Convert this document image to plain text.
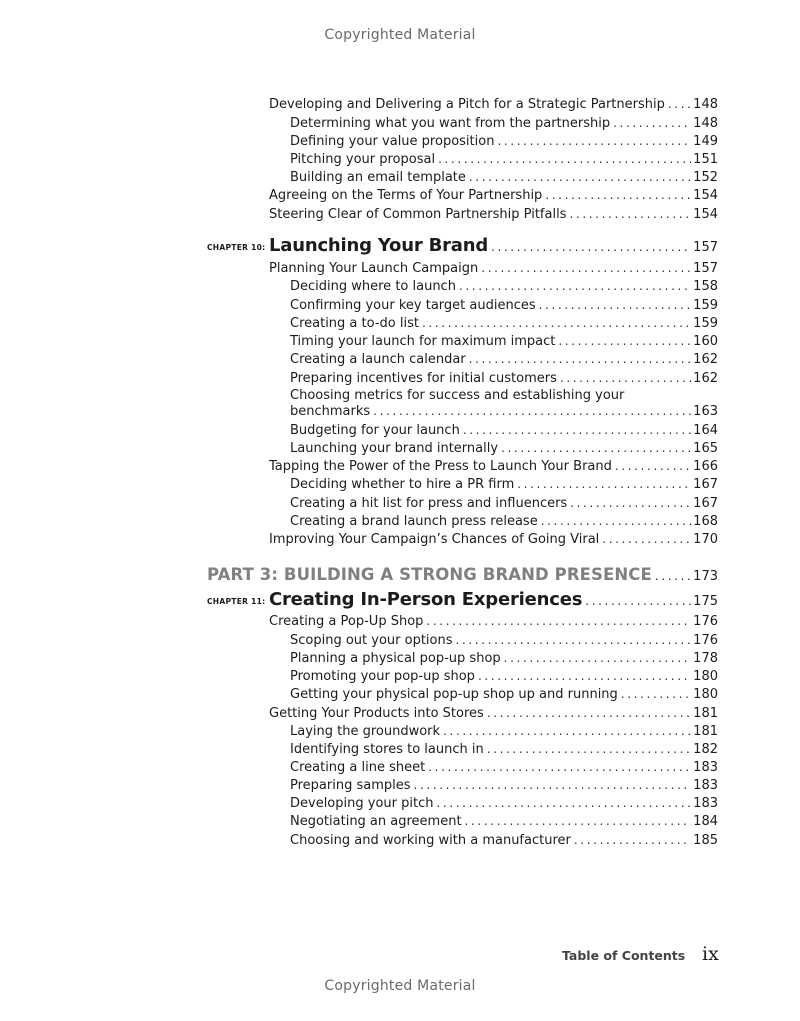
Copyrighted Material
Developing and Delivering a Pitch for a Strategic Partnership . . . 148
Determining what you want from the partnership . . .	148
Defining your value proposition . . .	149
Pitching your proposal . . .	151
Building an email template . . .	152
Agreeing on the Terms of Your Partnership . . .	154
Steering Clear of Common Partnership Pitfalls . . .	154
CHAPTER 10: Launching Your Brand . . .	157
Planning Your Launch Campaign . . .	157
Deciding where to launch . . .	158
Confirming your key target audiences . . .	159
Creating a to-do list . . .	159
Timing your launch for maximum impact . . .	160
Creating a launch calendar . . .	162
Preparing incentives for initial customers . . .	162
Choosing metrics for success and establishing your
benchmarks . . .	163
Budgeting for your launch . . .	164
Launching your brand internally . . .	165
Tapping the Power of the Press to Launch Your Brand . . .	166
Deciding whether to hire a PR firm . . .	167
Creating a hit list for press and influencers . . .	167
Creating a brand launch press release . . .	168
Improving Your Campaign’s Chances of Going Viral . . .	170
PART 3: BUILDING A STRONG BRAND PRESENCE . . .	173
CHAPTER 11: Creating In-Person Experiences . . .	175
Creating a Pop-Up Shop . . .	176
Scoping out your options . . .	176
Planning a physical pop-up shop . . .	178
Promoting your pop-up shop . . .	180
Getting your physical pop-up shop up and running . . .	180
Getting Your Products into Stores . . .	181
Laying the groundwork . . .	181
Identifying stores to launch in . . .	182
Creating a line sheet . . .	183
Preparing samples . . .	183
Developing your pitch . . .	183
Negotiating an agreement . . .	184
Choosing and working with a manufacturer . . .	185
Table of Contents ix
Copyrighted Material
